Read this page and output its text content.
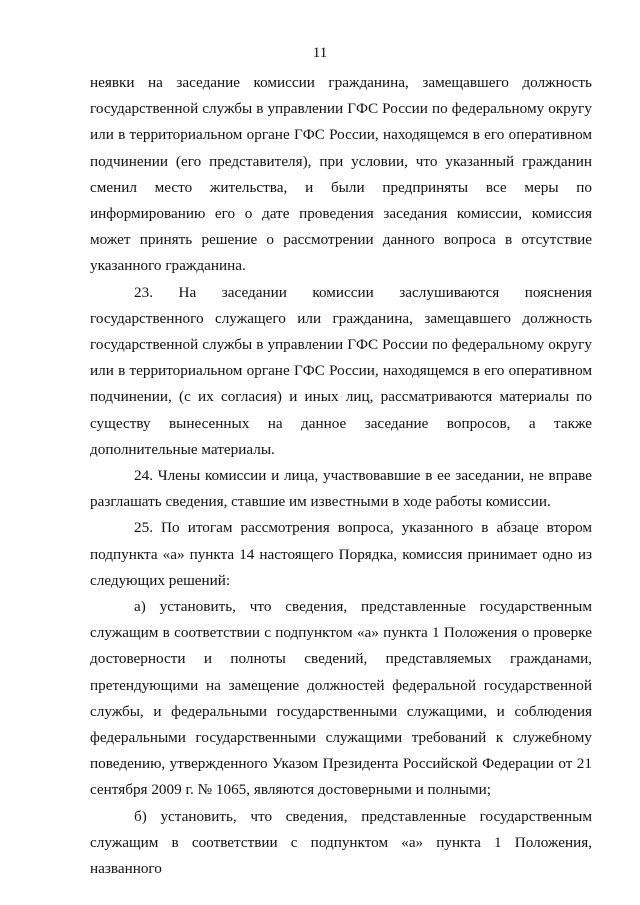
11

неявки на заседание комиссии гражданина, замещавшего должность государственной службы в управлении ГФС России по федеральному округу или в территориальном органе ГФС России, находящемся в его оперативном подчинении (его представителя), при условии, что указанный гражданин сменил место жительства, и были предприняты все меры по информированию его о дате проведения заседания комиссии, комиссия может принять решение о рассмотрении данного вопроса в отсутствие указанного гражданина.

23. На заседании комиссии заслушиваются пояснения государственного служащего или гражданина, замещавшего должность государственной службы в управлении ГФС России по федеральному округу или в территориальном органе ГФС России, находящемся в его оперативном подчинении, (с их согласия) и иных лиц, рассматриваются материалы по существу вынесенных на данное заседание вопросов, а также дополнительные материалы.

24. Члены комиссии и лица, участвовавшие в ее заседании, не вправе разглашать сведения, ставшие им известными в ходе работы комиссии.

25. По итогам рассмотрения вопроса, указанного в абзаце втором подпункта «а» пункта 14 настоящего Порядка, комиссия принимает одно из следующих решений:

а) установить, что сведения, представленные государственным служащим в соответствии с подпунктом «а» пункта 1 Положения о проверке достоверности и полноты сведений, представляемых гражданами, претендующими на замещение должностей федеральной государственной службы, и федеральными государственными служащими, и соблюдения федеральными государственными служащими требований к служебному поведению, утвержденного Указом Президента Российской Федерации от 21 сентября 2009 г. № 1065, являются достоверными и полными;

б) установить, что сведения, представленные государственным служащим в соответствии с подпунктом «а» пункта 1 Положения, названного
